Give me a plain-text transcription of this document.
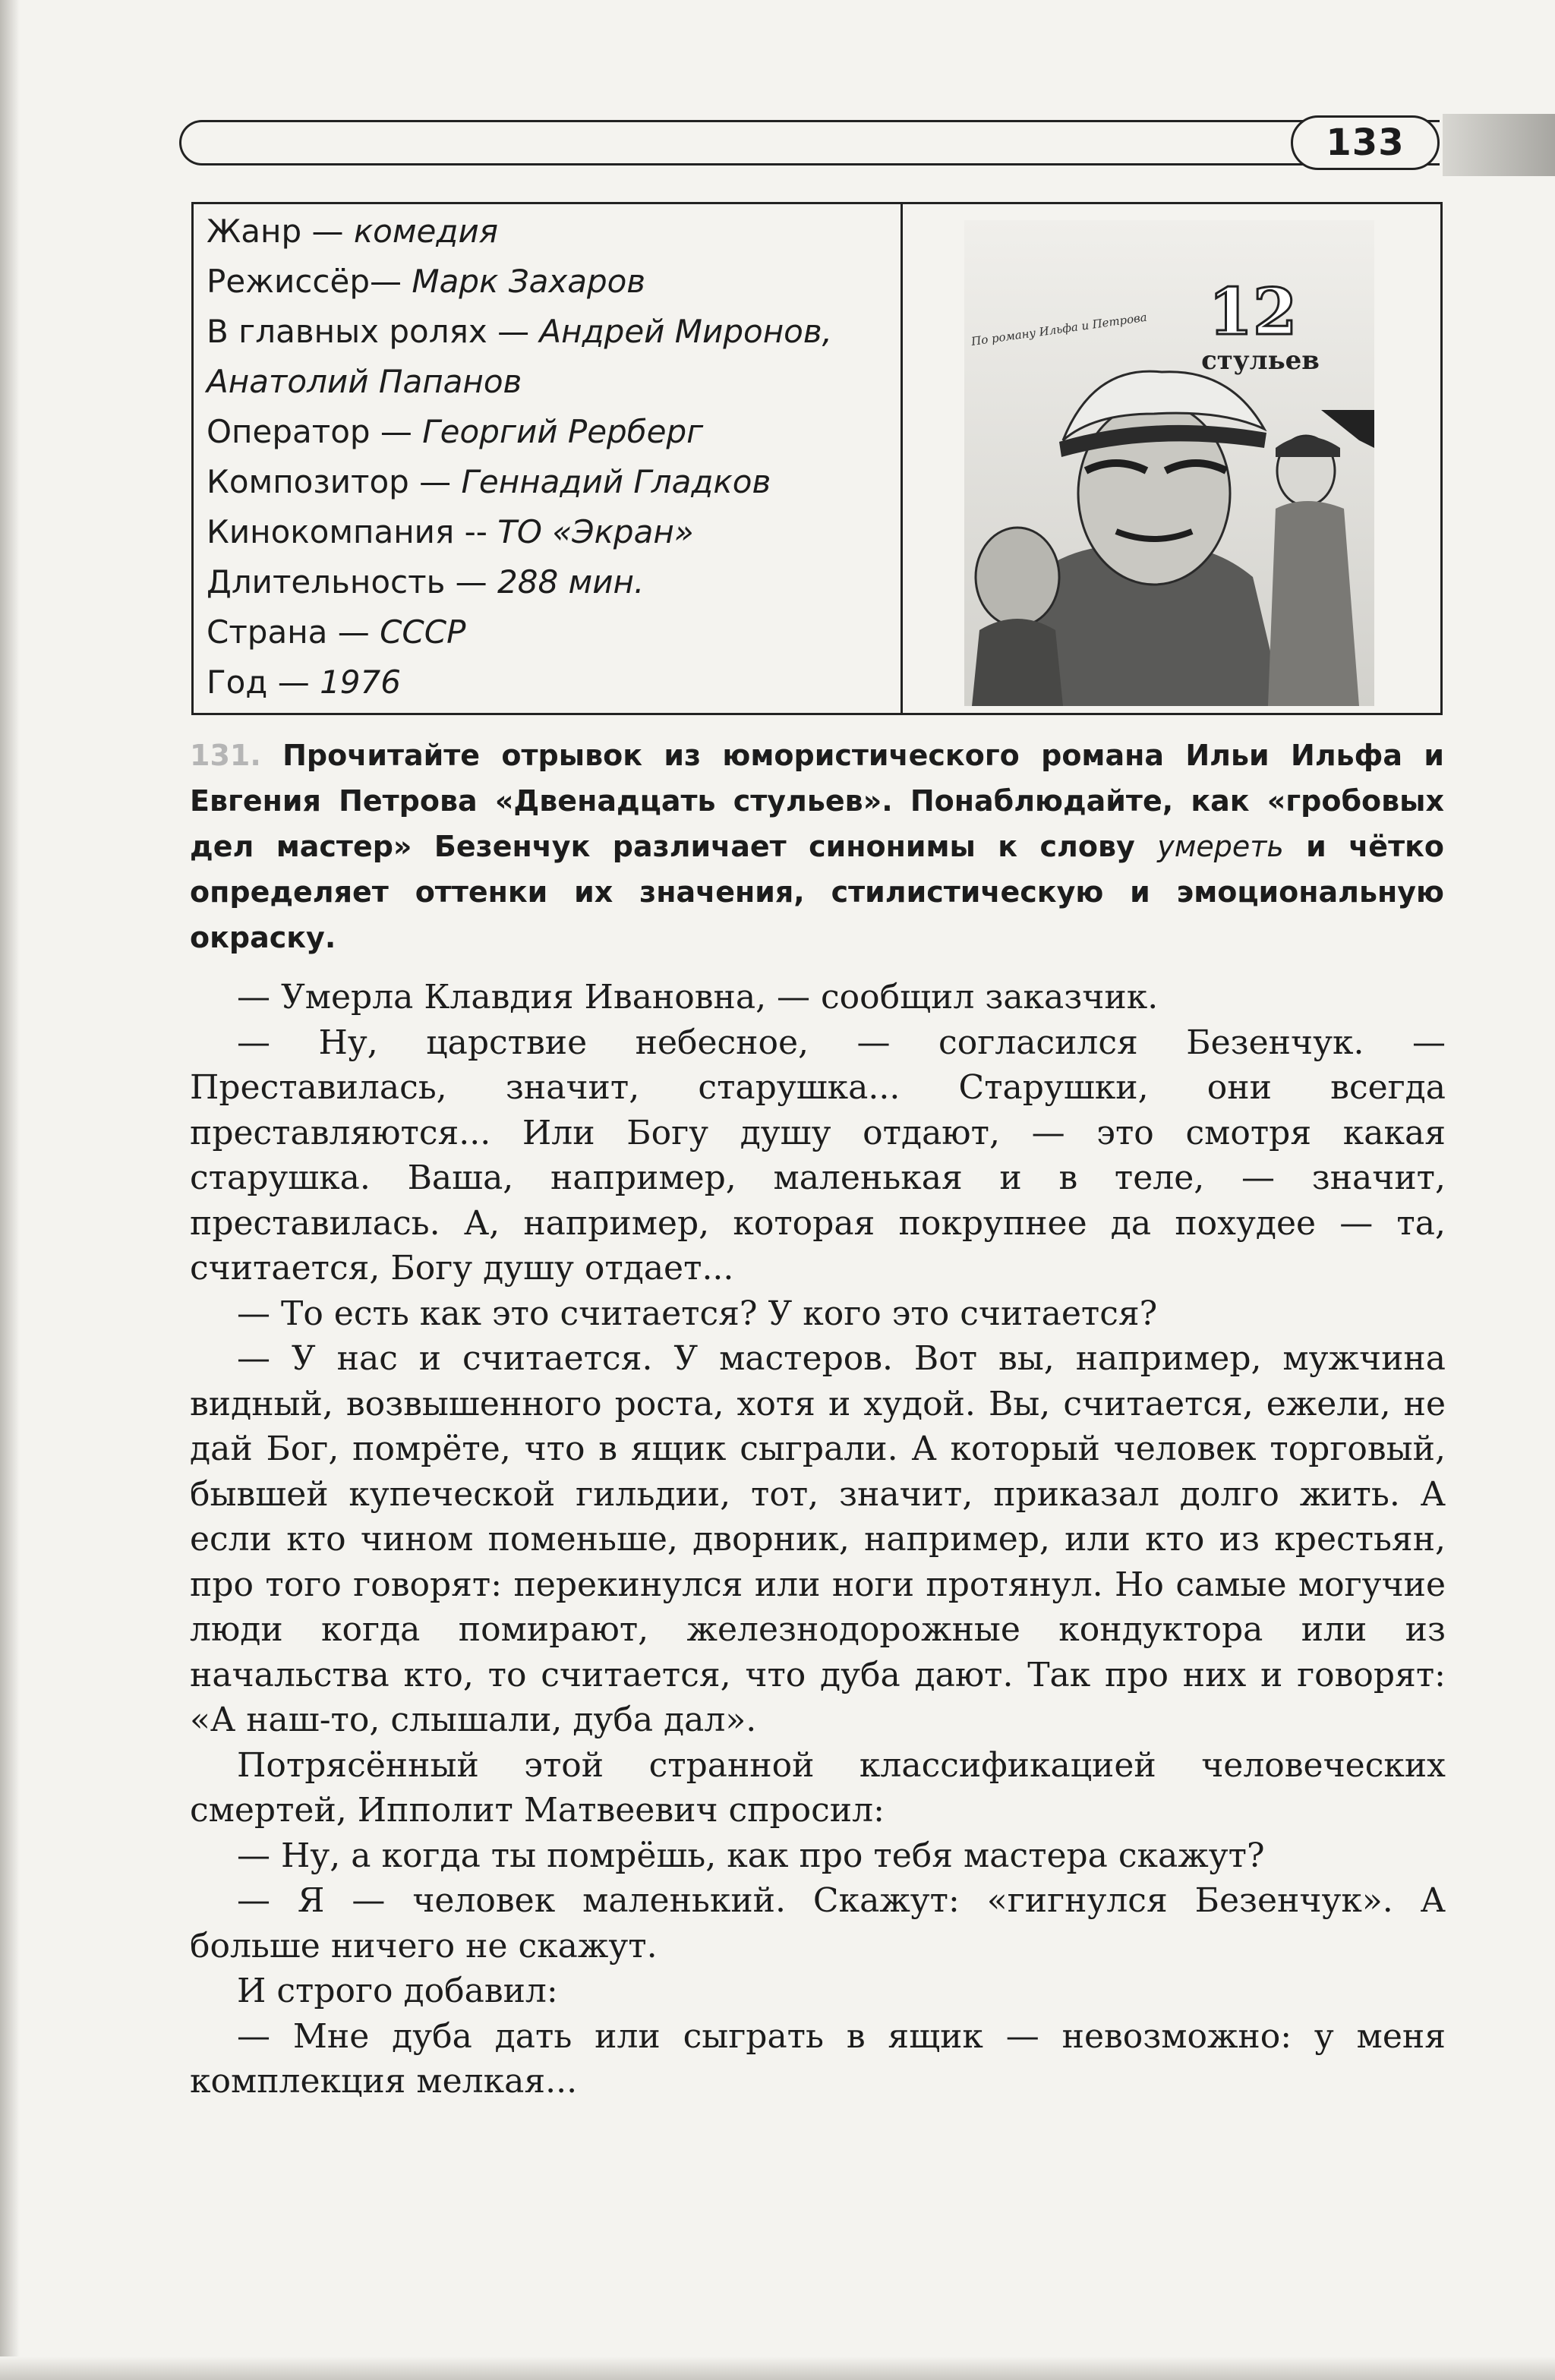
133
Жанр — комедия
Режиссёр— Марк Захаров
В главных ролях — Андрей Миронов,
Анатолий Папанов
Оператор — Георгий Рерберг
Композитор — Геннадий Гладков
Кинокомпания -- ТО «Экран»
Длительность — 288 мин.
Страна — СССР
Год — 1976
По роману Ильфа и Петрова 12
стульев
131. Прочитайте отрывок из юмористического романа Ильи Ильфа и Евгения Петрова «Двенадцать стульев». Понаблюдайте, как «гробовых дел мастер» Безенчук различает синонимы к слову умереть и чётко определяет оттенки их значения, стилистическую и эмоциональную окраску.

— Умерла Клавдия Ивановна, — сообщил заказчик.

— Ну, царствие небесное, — согласился Безенчук. — Преставилась, значит, старушка... Старушки, они всегда преставляются... Или Богу душу отдают, — это смотря какая старушка. Ваша, например, маленькая и в теле, — значит, преставилась. А, например, которая покрупнее да похудее — та, считается, Богу душу отдает...

— То есть как это считается? У кого это считается?

— У нас и считается. У мастеров. Вот вы, например, мужчина видный, возвышенного роста, хотя и худой. Вы, считается, ежели, не дай Бог, помрёте, что в ящик сыграли. А который человек торговый, бывшей купеческой гильдии, тот, значит, приказал долго жить. А если кто чином поменьше, дворник, например, или кто из крестьян, про того говорят: перекинулся или ноги протянул. Но самые могучие люди когда помирают, железнодорожные кондуктора или из начальства кто, то считается, что дуба дают. Так про них и говорят: «А наш-то, слышали, дуба дал».

Потрясённый этой странной классификацией человеческих смертей, Ипполит Матвеевич спросил:

— Ну, а когда ты помрёшь, как про тебя мастера скажут?

— Я — человек маленький. Скажут: «гигнулся Безенчук». А больше ничего не скажут.

И строго добавил:

— Мне дуба дать или сыграть в ящик — невозможно: у меня комплекция мелкая...
